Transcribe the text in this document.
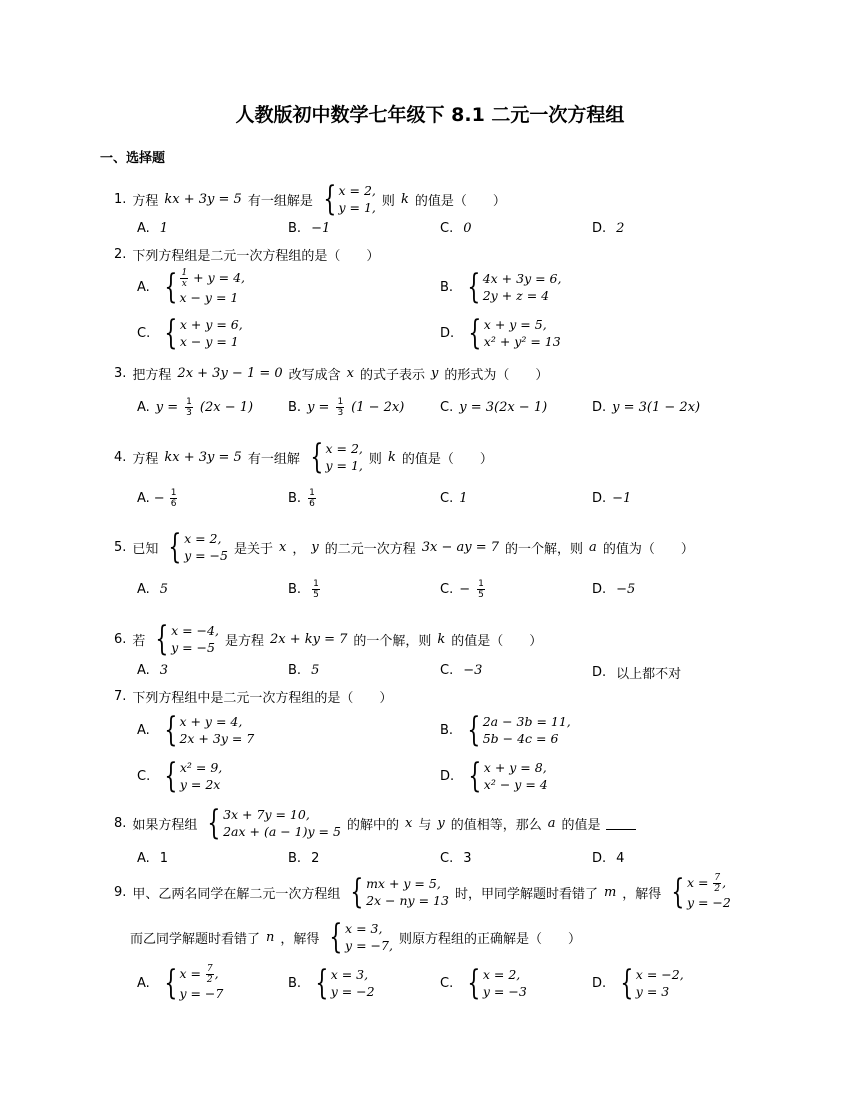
人教版初中数学七年级下 8.1 二元一次方程组
一、选择题
1. 方程 kx + 3y = 5 有一组解是 { x = 2,
y = 1, 则 k 的值是（　　）
A. 1	B. −1	C. 0	D. 2
2. 下列方程组是二元一次方程组的是（　　）
A. { $\frac{1}{x} + y = 4$,
x − y = 1
B. { 4x + 3y = 6,
2y + z = 4
C. { x + y = 6,
x − y = 1
D. { x + y = 5,
x² + y² = 13
3. 把方程 2x + 3y − 1 = 0 改写成含 x 的式子表示 y 的形式为（　　）
A. $y = \frac{1}{3} (2x - 1)$	B. $y = \frac{1}{3} (1 - 2x)$	C. y = 3(2x − 1)	D. y = 3(1 − 2x)
4. 方程 kx + 3y = 5 有一组解 { x = 2,
y = 1, 则 k 的值是（　　）
A. − $\frac{1}{6}$	B. $\frac{1}{6}$	C. 1	D. −1
5. 已知 { x = 2,
y = −5 是关于 x ， y 的二元一次方程 3x − ay = 7 的一个解，则 a 的值为（　　）
A. 5	B. $\frac{1}{5}$	C. − $\frac{1}{5}$	D. −5
6. 若 { x = −4,
y = −5 是方程 2x + ky = 7 的一个解，则 k 的值是（　　）
A. 3	B. 5	C. −3	D. 以上都不对
7. 下列方程组中是二元一次方程组的是（　　）
A. { x + y = 4,
2x + 3y = 7
B. { 2a − 3b = 11,
5b − 4c = 6
C. { x² = 9,
y = 2x
D. { x + y = 8,
x² − y = 4
8. 如果方程组 { 3x + 7y = 10,
2ax + (a − 1)y = 5 的解中的 x 与 y 的值相等，那么 a 的值是
A. 1	B. 2	C. 3	D. 4
9. 甲、乙两名同学在解二元一次方程组 { mx + y = 5,
2x − ny = 13 时，甲同学解题时看错了 m ，解得 { $x = \frac{7}{2}$ ,
y = −2
而乙同学解题时看错了 n ，解得 { x = 3,
y = −7, 则原方程组的正确解是（　　）
A. { $x = \frac{7}{2}$ ,
y = −7
B. { x = 3,
y = −2
C. { x = 2,
y = −3
D. { x = −2,
y = 3
